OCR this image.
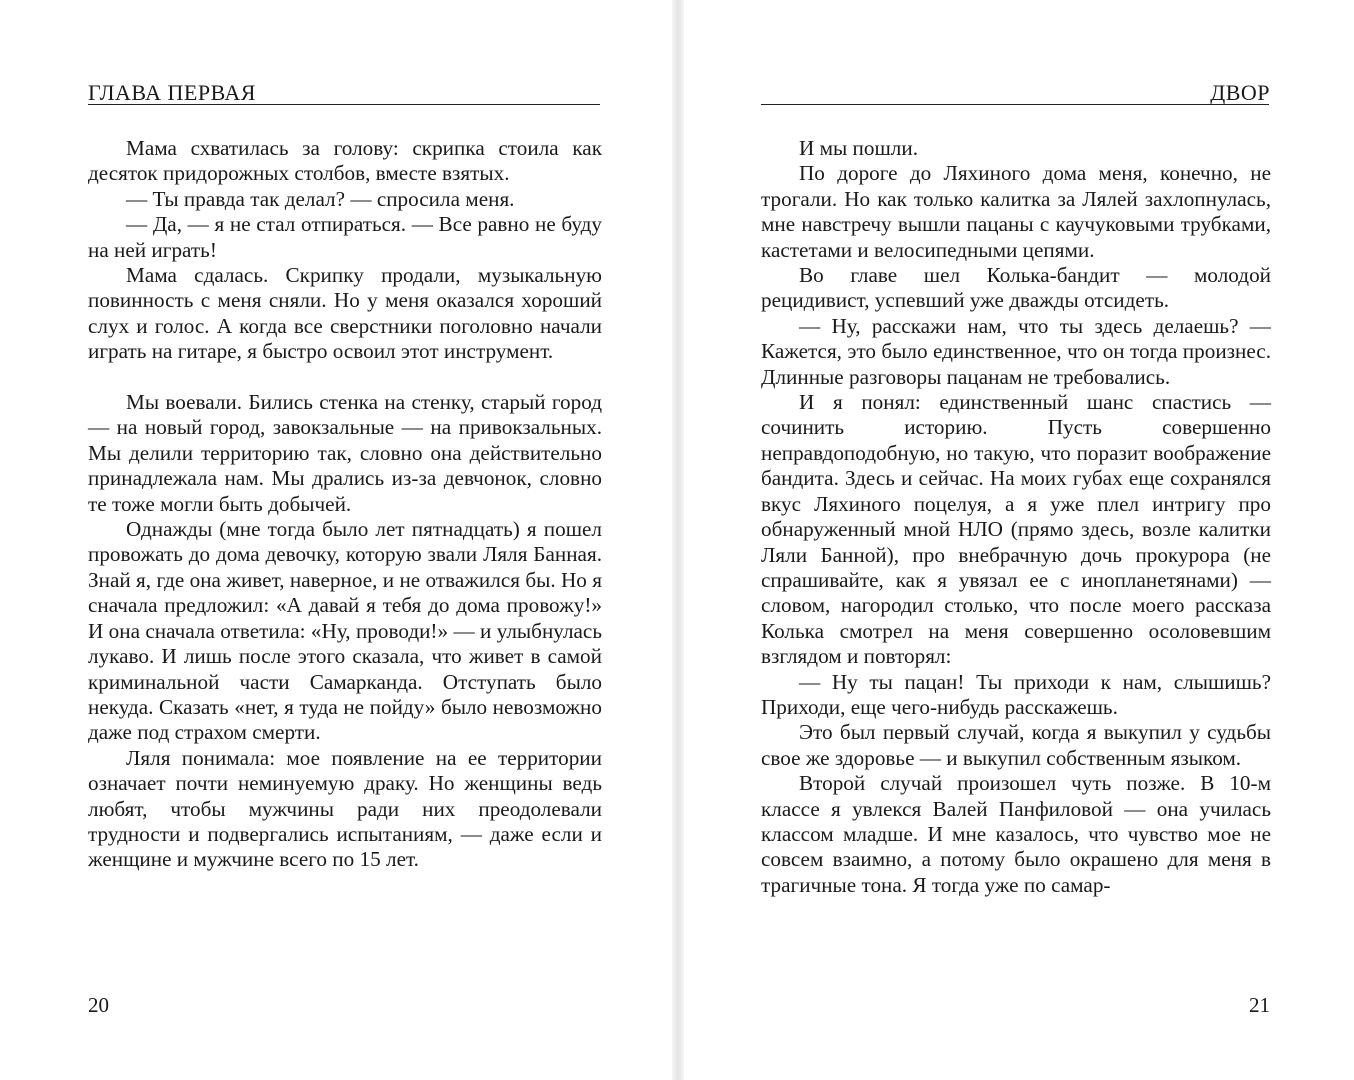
ГЛАВА ПЕРВАЯ

Мама схватилась за голову: скрипка стоила как десяток придорожных столбов, вместе взятых.

— Ты правда так делал? — спросила меня.

— Да, — я не стал отпираться. — Все равно не буду на ней играть!

Мама сдалась. Скрипку продали, музыкальную повинность с меня сняли. Но у меня оказался хороший слух и голос. А когда все сверстники поголовно начали играть на гитаре, я быстро освоил этот инструмент.

Мы воевали. Бились стенка на стенку, старый город — на новый город, завокзальные — на привокзальных. Мы делили территорию так, словно она действительно принадлежала нам. Мы дрались из-за девчонок, словно те тоже могли быть добычей.

Однажды (мне тогда было лет пятнадцать) я пошел провожать до дома девочку, которую звали Ляля Банная. Знай я, где она живет, наверное, и не отважился бы. Но я сначала предложил: «А давай я тебя до дома провожу!» И она сначала ответила: «Ну, проводи!» — и улыбнулась лукаво. И лишь после этого сказала, что живет в самой криминальной части Самарканда. Отступать было некуда. Сказать «нет, я туда не пойду» было невозможно даже под страхом смерти.

Ляля понимала: мое появление на ее территории означает почти неминуемую драку. Но женщины ведь любят, чтобы мужчины ради них преодолевали трудности и подвергались испытаниям, — даже если и женщине и мужчине всего по 15 лет.

20
ДВОР

И мы пошли.

По дороге до Ляхиного дома меня, конечно, не трогали. Но как только калитка за Лялей захлопнулась, мне навстречу вышли пацаны с каучуковыми трубками, кастетами и велосипедными цепями.

Во главе шел Колька-бандит — молодой рецидивист, успевший уже дважды отсидеть.

— Ну, расскажи нам, что ты здесь делаешь? — Кажется, это было единственное, что он тогда произнес. Длинные разговоры пацанам не требовались.

И я понял: единственный шанс спастись — сочинить историю. Пусть совершенно неправдоподобную, но такую, что поразит воображение бандита. Здесь и сейчас. На моих губах еще сохранялся вкус Ляхиного поцелуя, а я уже плел интригу про обнаруженный мной НЛО (прямо здесь, возле калитки Ляли Банной), про внебрачную дочь прокурора (не спрашивайте, как я увязал ее с инопланетянами) — словом, нагородил столько, что после моего рассказа Колька смотрел на меня совершенно осоловевшим взглядом и повторял:

— Ну ты пацан! Ты приходи к нам, слышишь? Приходи, еще чего-нибудь расскажешь.

Это был первый случай, когда я выкупил у судьбы свое же здоровье — и выкупил собственным языком.

Второй случай произошел чуть позже. В 10-м классе я увлекся Валей Панфиловой — она училась классом младше. И мне казалось, что чувство мое не совсем взаимно, а потому было окрашено для меня в трагичные тона. Я тогда уже по самар-

21
